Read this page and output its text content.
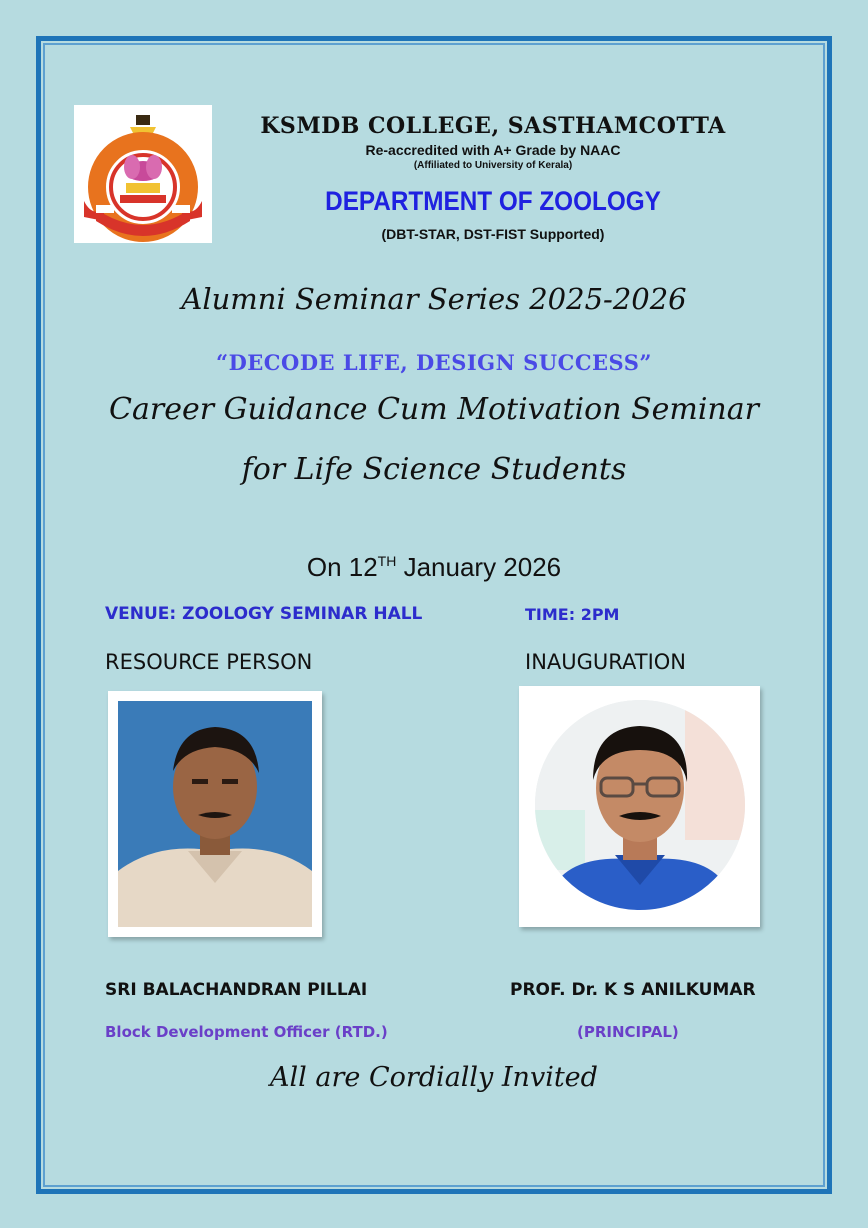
KSMDB COLLEGE, SASTHAMCOTTA
Re-accredited with A+ Grade by NAAC
(Affiliated to University of Kerala)
DEPARTMENT OF ZOOLOGY
(DBT-STAR, DST-FIST Supported)
Alumni Seminar Series 2025-2026
“DECODE LIFE, DESIGN SUCCESS”
Career Guidance Cum Motivation Seminar
for Life Science Students
On 12TH January 2026
VENUE: ZOOLOGY SEMINAR HALL	TIME: 2PM
RESOURCE PERSON	INAUGURATION
SRI BALACHANDRAN PILLAI	PROF. Dr. K S ANILKUMAR
Block Development Officer (RTD.)	(PRINCIPAL)
All are Cordially Invited
